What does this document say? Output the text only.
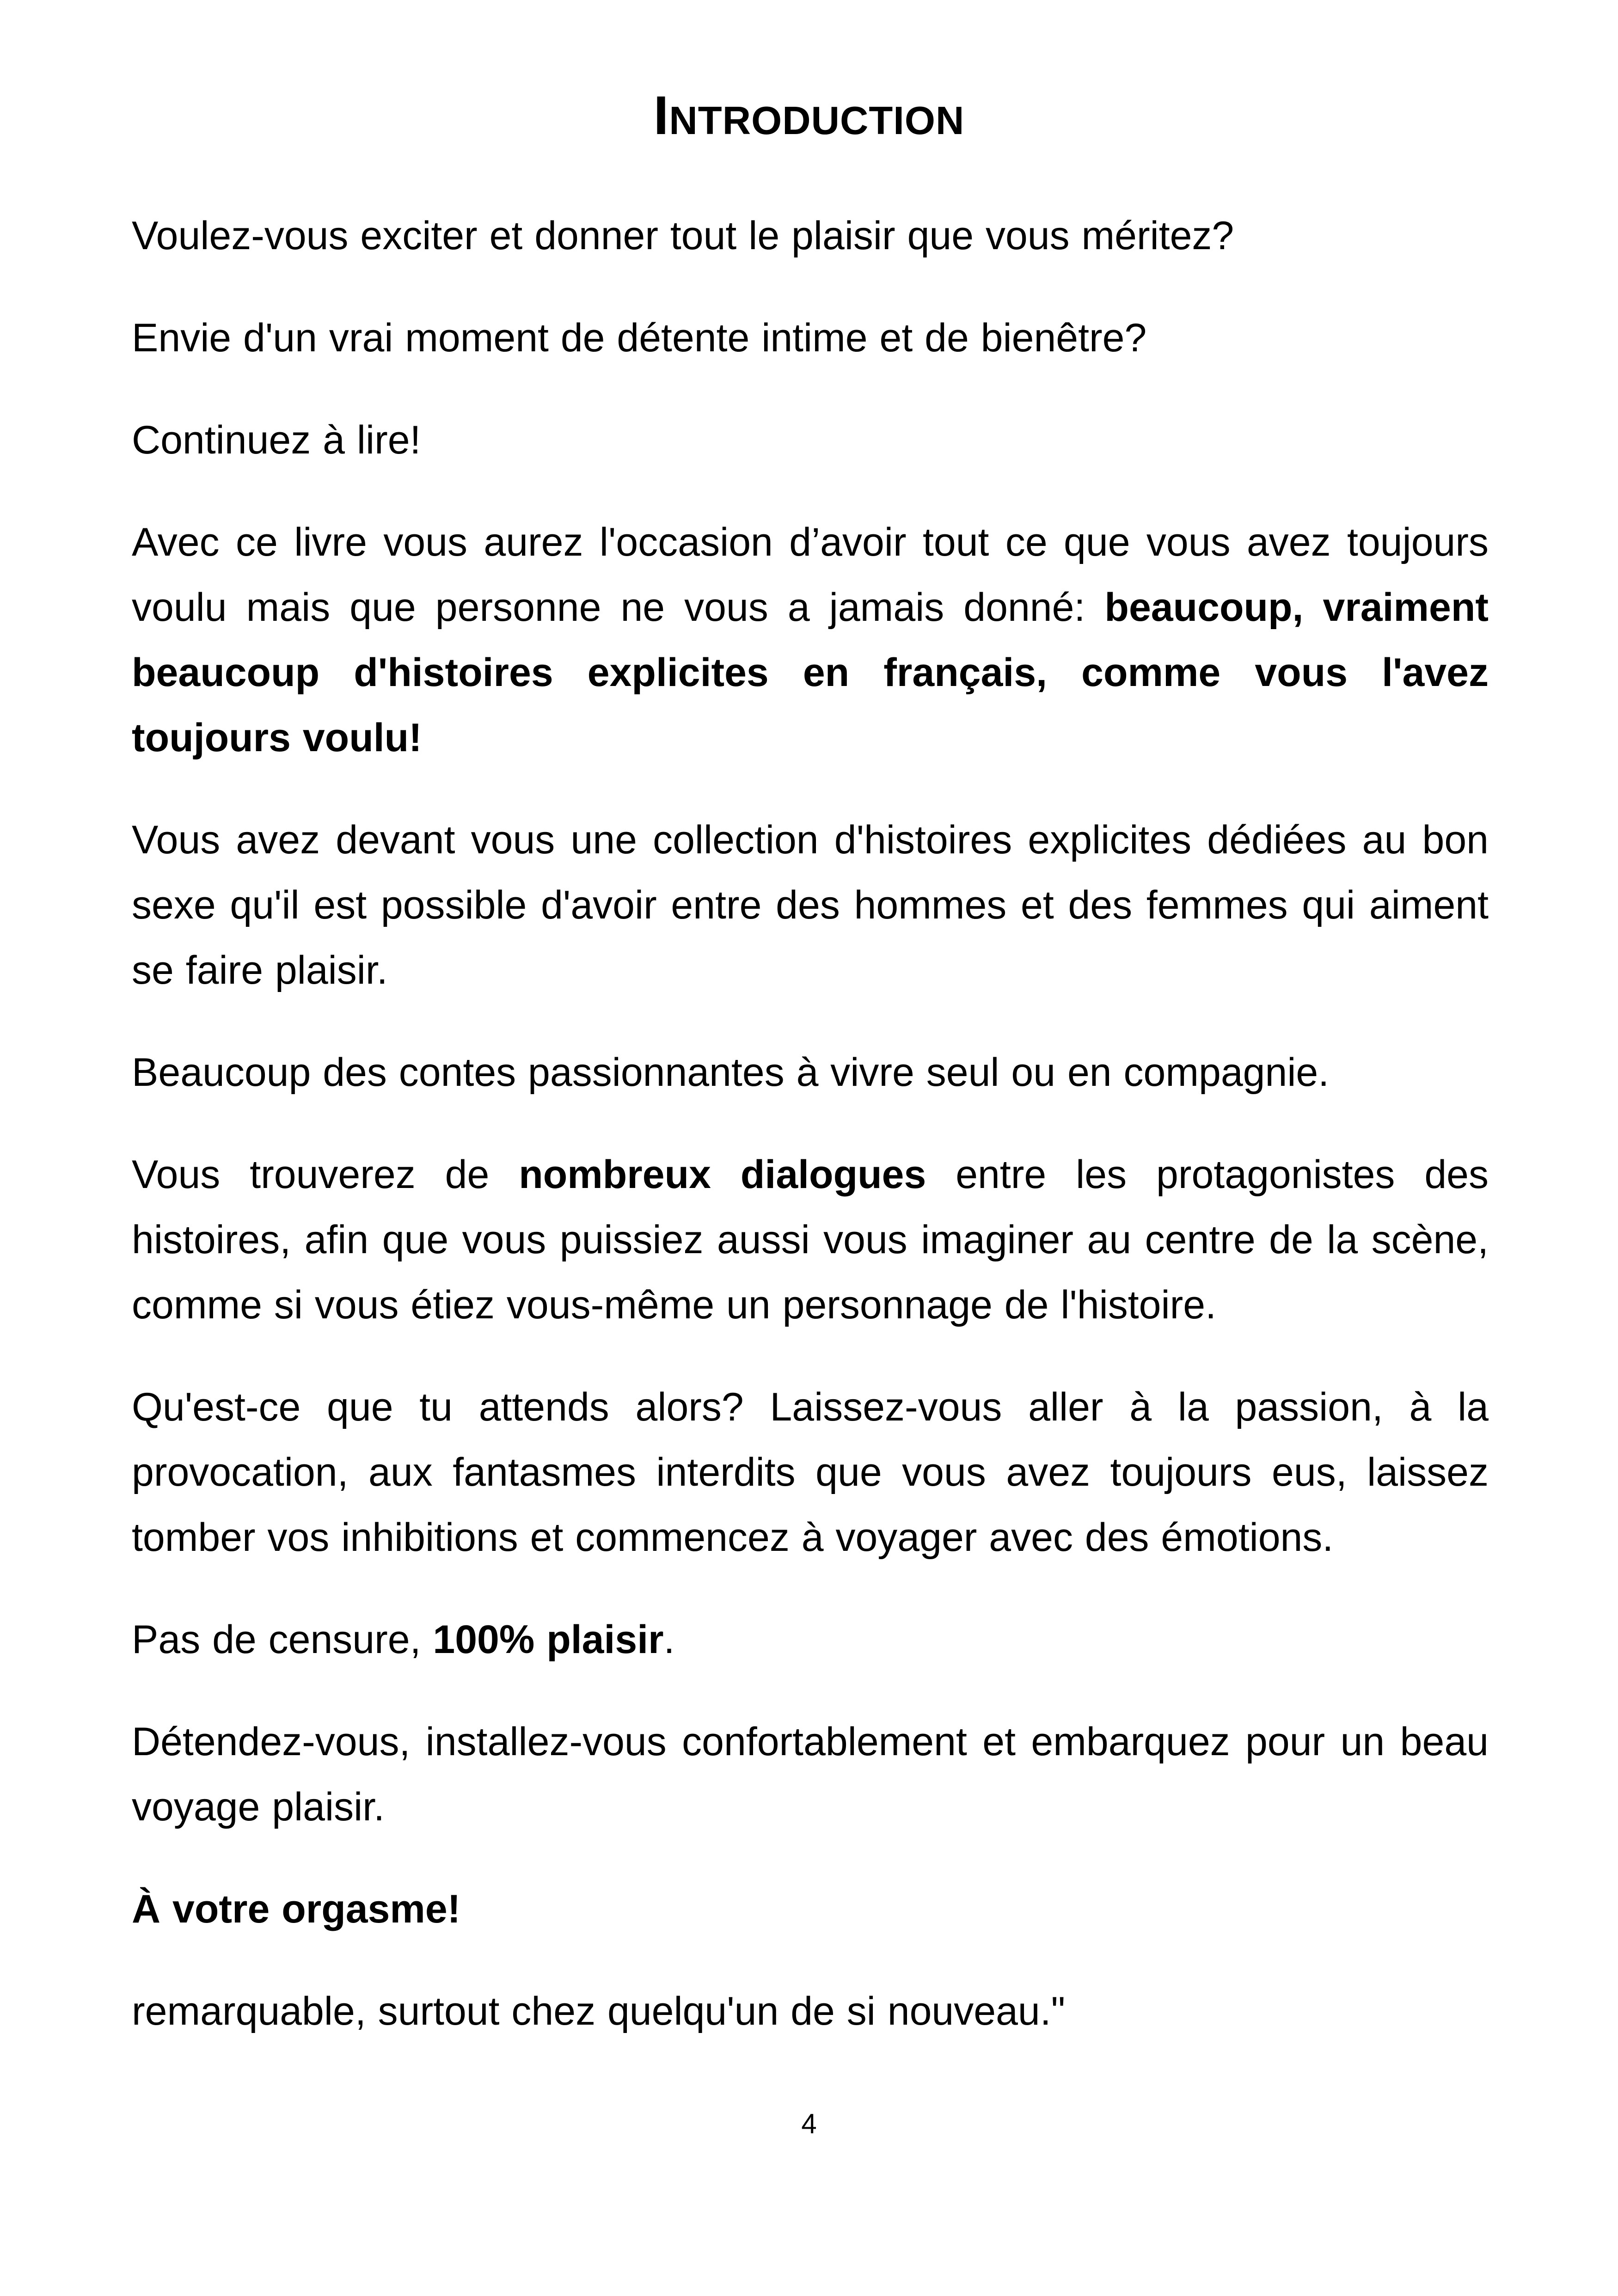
INTRODUCTION

Voulez-vous exciter et donner tout le plaisir que vous méritez?

Envie d'un vrai moment de détente intime et de bienêtre?

Continuez à lire!

Avec ce livre vous aurez l'occasion d’avoir tout ce que vous avez toujours voulu mais que personne ne vous a jamais donné: beaucoup, vraiment beaucoup d'histoires explicites en français, comme vous l'avez toujours voulu!

Vous avez devant vous une collection d'histoires explicites dédiées au bon sexe qu'il est possible d'avoir entre des hommes et des femmes qui aiment se faire plaisir.

Beaucoup des contes passionnantes à vivre seul ou en compagnie.

Vous trouverez de nombreux dialogues entre les protagonistes des histoires, afin que vous puissiez aussi vous imaginer au centre de la scène, comme si vous étiez vous-même un personnage de l'histoire.

Qu'est-ce que tu attends alors? Laissez-vous aller à la passion, à la provocation, aux fantasmes interdits que vous avez toujours eus, laissez tomber vos inhibitions et commencez à voyager avec des émotions.

Pas de censure, 100% plaisir.

Détendez-vous, installez-vous confortablement et embarquez pour un beau voyage plaisir.

À votre orgasme!

remarquable, surtout chez quelqu'un de si nouveau."

4
